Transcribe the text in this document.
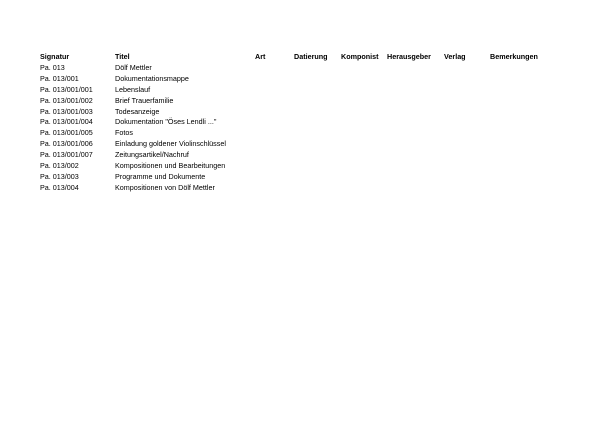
Signatur	Titel	Art	Datierung	Komponist	Herausgeber	Verlag	Bemerkungen
Pa. 013	Dölf Mettler						
Pa. 013/001	Dokumentationsmappe						
Pa. 013/001/001	Lebenslauf						
Pa. 013/001/002	Brief Trauerfamilie						
Pa. 013/001/003	Todesanzeige						
Pa. 013/001/004	Dokumentation "Öses Lendli ..."						
Pa. 013/001/005	Fotos						
Pa. 013/001/006	Einladung goldener Violinschlüssel						
Pa. 013/001/007	Zeitungsartikel/Nachruf						
Pa. 013/002	Kompositionen und Bearbeitungen						
Pa. 013/003	Programme und Dokumente						
Pa. 013/004	Kompositionen von Dölf Mettler						
